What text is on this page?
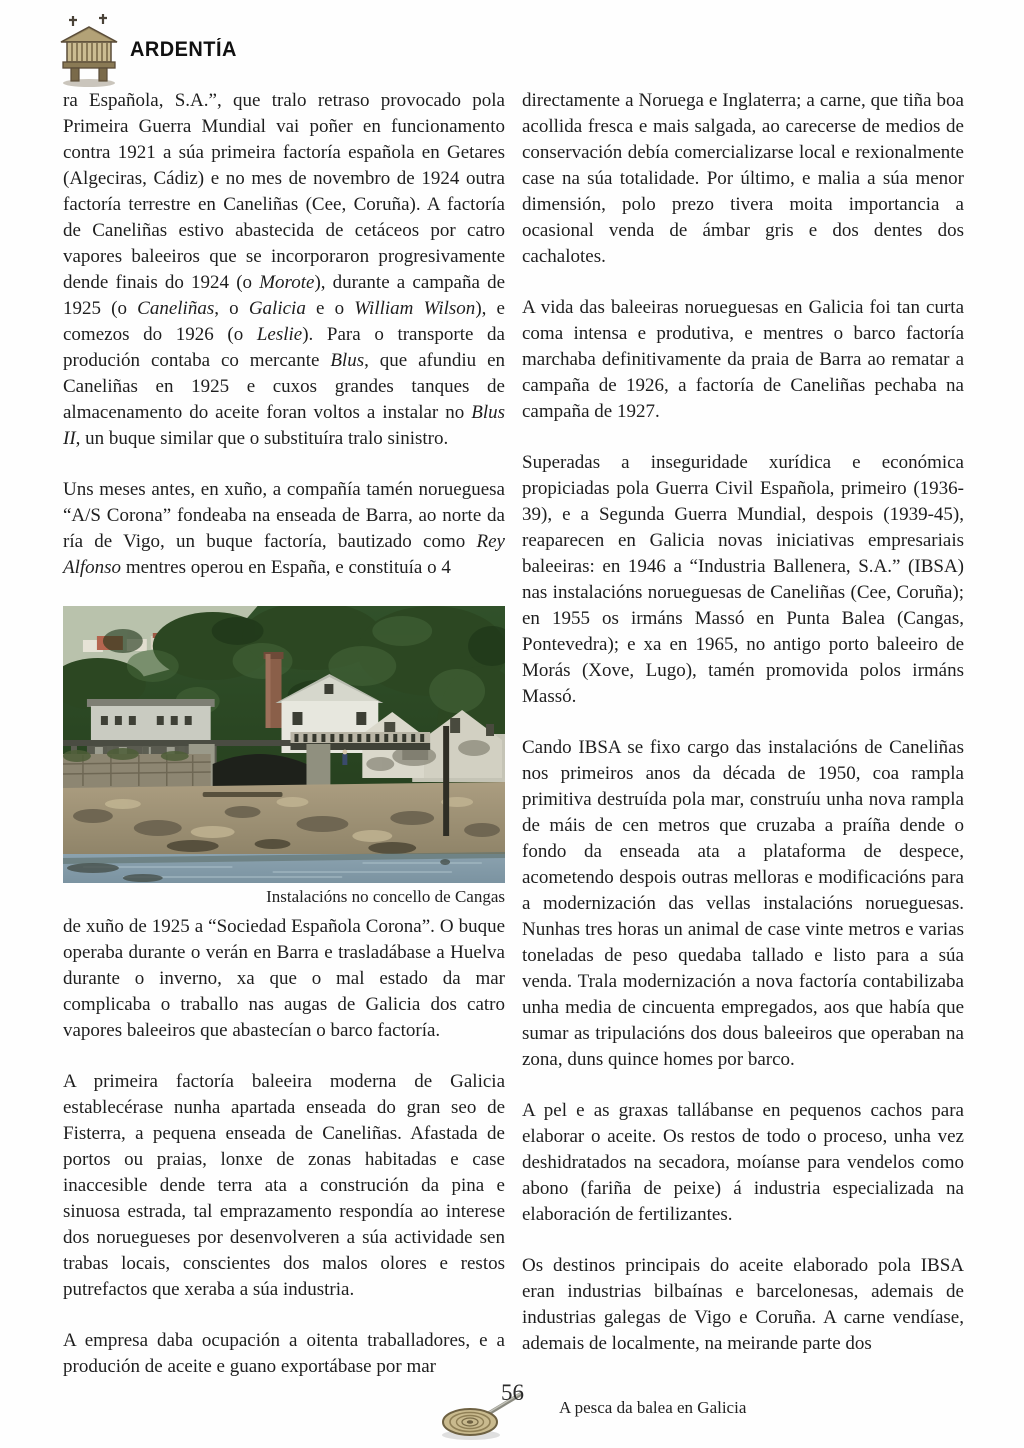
ARDENTÍA

ra Española, S.A.”, que tralo retraso provocado pola Primeira Guerra Mundial vai poñer en funcionamento contra 1921 a súa primeira factoría española en Getares (Algeciras, Cádiz) e no mes de novembro de 1924 outra factoría terrestre en Caneliñas (Cee, Coruña). A factoría de Caneliñas estivo abastecida de cetáceos por catro vapores baleeiros que se incorporaron progresivamente dende finais do 1924 (o Morote), durante a campaña de 1925 (o Caneliñas, o Galicia e o William Wilson), e comezos do 1926 (o Leslie). Para o transporte da produción contaba co mercante Blus, que afundiu en Caneliñas en 1925 e cuxos grandes tanques de almacenamento do aceite foran voltos a instalar no Blus II, un buque similar que o substituíra tralo sinistro.

Uns meses antes, en xuño, a compañía tamén norueguesa “A/S Corona” fondeaba na enseada de Barra, ao norte da ría de Vigo, un buque factoría, bautizado como Rey Alfonso mentres operou en España, e constituía o 4

Instalacións no concello de Cangas

de xuño de 1925 a “Sociedad Española Corona”. O buque operaba durante o verán en Barra e trasladábase a Huelva durante o inverno, xa que o mal estado da mar complicaba o traballo nas augas de Galicia dos catro vapores baleeiros que abastecían o barco factoría.

A primeira factoría baleeira moderna de Galicia establecérase nunha apartada enseada do gran seo de Fisterra, a pequena enseada de Caneliñas. Afastada de portos ou praias, lonxe de zonas habitadas e case inaccesible dende terra ata a construción da pina e sinuosa estrada, tal emprazamento respondía ao interese dos noruegueses por desenvolveren a súa actividade sen trabas locais, conscientes dos malos olores e restos putrefactos que xeraba a súa industria.

A empresa daba ocupación a oitenta traballadores, e a produción de aceite e guano exportábase por mar

directamente a Noruega e Inglaterra; a carne, que tiña boa acollida fresca e mais salgada, ao carecerse de medios de conservación debía comercializarse local e rexionalmente case na súa totalidade. Por último, e malia a súa menor dimensión, polo prezo tivera moita importancia a ocasional venda de ámbar gris e dos dentes dos cachalotes.

A vida das baleeiras norueguesas en Galicia foi tan curta coma intensa e produtiva, e mentres o barco factoría marchaba definitivamente da praia de Barra ao rematar a campaña de 1926, a factoría de Caneliñas pechaba na campaña de 1927.

Superadas a inseguridade xurídica e económica propiciadas pola Guerra Civil Española, primeiro (1936-39), e a Segunda Guerra Mundial, despois (1939-45), reaparecen en Galicia novas iniciativas empresariais baleeiras: en 1946 a “Industria Ballenera, S.A.” (IBSA) nas instalacións norueguesas de Caneliñas (Cee, Coruña); en 1955 os irmáns Massó en Punta Balea (Cangas, Pontevedra); e xa en 1965, no antigo porto baleeiro de Morás (Xove, Lugo), tamén promovida polos irmáns Massó.

Cando IBSA se fixo cargo das instalacións de Caneliñas nos primeiros anos da década de 1950, coa rampla primitiva destruída pola mar, construíu unha nova rampla de máis de cen metros que cruzaba a praíña dende o fondo da enseada ata a plataforma de despece, acometendo despois outras melloras e modificacións para a modernización das vellas instalacións norueguesas. Nunhas tres horas un animal de case vinte metros e varias toneladas de peso quedaba tallado e listo para a súa venda. Trala modernización a nova factoría contabilizaba unha media de cincuenta empregados, aos que había que sumar as tripulacións dos dous baleeiros que operaban na zona, duns quince homes por barco.

A pel e as graxas tallábanse en pequenos cachos para elaborar o aceite. Os restos de todo o proceso, unha vez deshidratados na secadora, moíanse para vendelos como abono (fariña de peixe) á industria especializada na elaboración de fertilizantes.

Os destinos principais do aceite elaborado pola IBSA eran industrias bilbaínas e barcelonesas, ademais de industrias galegas de Vigo e Coruña. A carne vendíase, ademais de localmente, na meirande parte dos

56
A pesca da balea en Galicia
